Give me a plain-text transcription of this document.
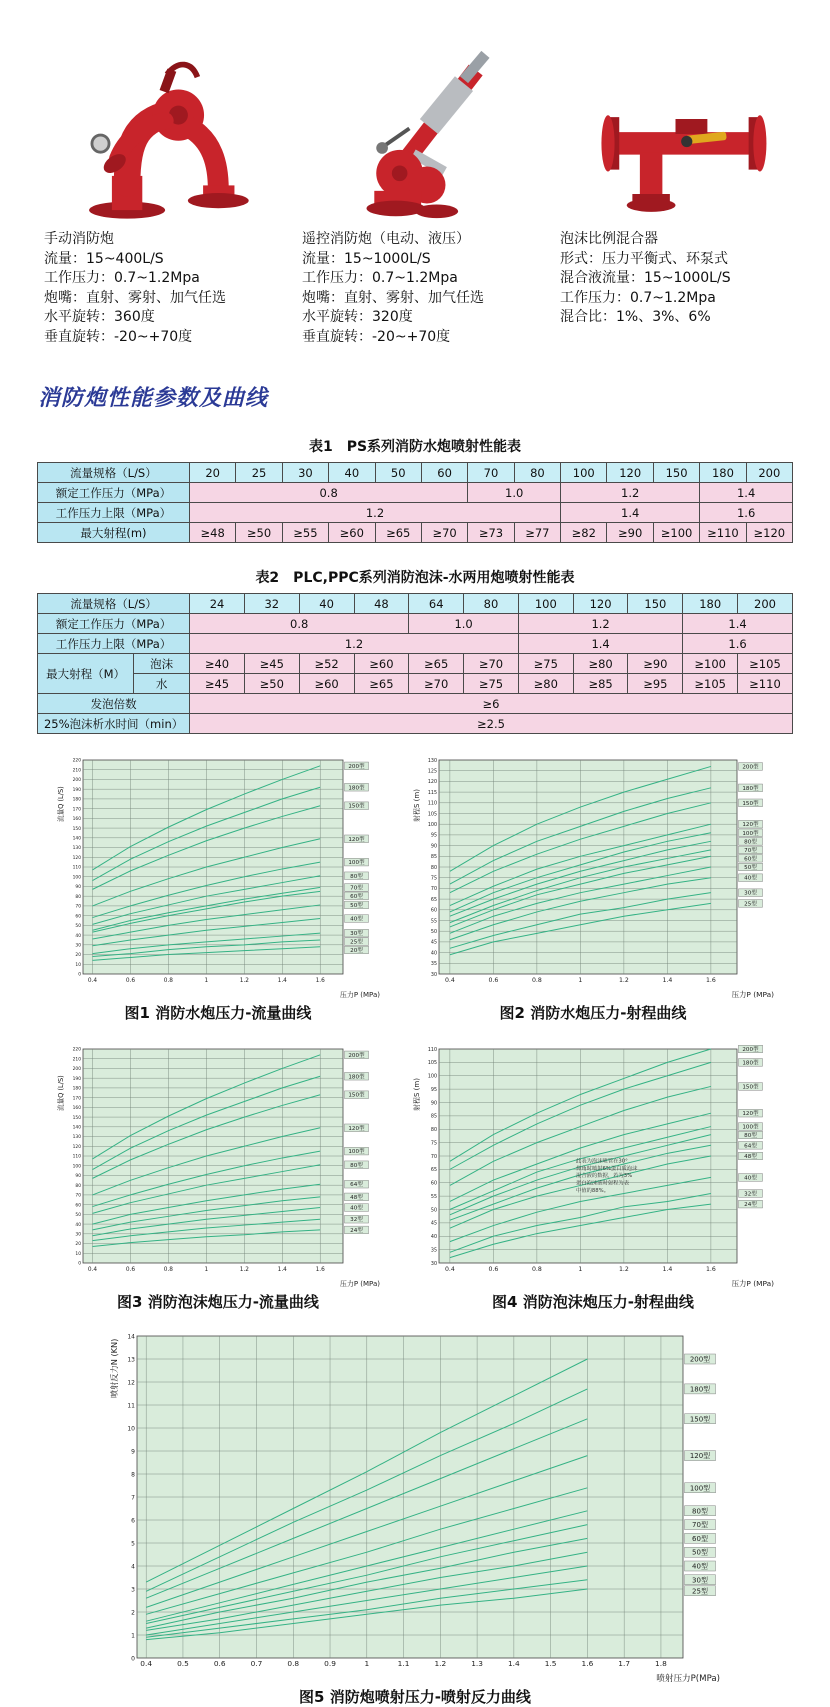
手动消防炮
流量：15~400L/S
工作压力：0.7~1.2Mpa
炮嘴：直射、雾射、加气任选
水平旋转：360度
垂直旋转：-20~+70度
遥控消防炮（电动、液压）
流量：15~1000L/S
工作压力：0.7~1.2Mpa
炮嘴：直射、雾射、加气任选
水平旋转：320度
垂直旋转：-20~+70度
泡沫比例混合器
形式：压力平衡式、环泵式
混合液流量：15~1000L/S
工作压力：0.7~1.2Mpa
混合比：1%、3%、6%
消防炮性能参数及曲线
表1　PS系列消防水炮喷射性能表
流量规格（L/S）	20	25	30	40	50	60	70	80	100	120	150	180	200
额定工作压力（MPa）	0.8						1.0		1.2			1.4	
工作压力上限（MPa）	1.2								1.4			1.6	
最大射程(m)	≥48	≥50	≥55	≥60	≥65	≥70	≥73	≥77	≥82	≥90	≥100	≥110	≥120
表2　PLC,PPC系列消防泡沫-水两用炮喷射性能表
流量规格（L/S）		24	32	40	48	64	80	100	120	150	180	200
额定工作压力（MPa）		0.8				1.0		1.2			1.4	
工作压力上限（MPa）		1.2						1.4			1.6	
最大射程（M）	泡沫	≥40	≥45	≥52	≥60	≥65	≥70	≥75	≥80	≥90	≥100	≥105
	水	≥45	≥50	≥60	≥65	≥70	≥75	≥80	≥85	≥95	≥105	≥110
发泡倍数		≥6										
25%泡沫析水时间（min）		≥2.5										
0
10
20
30
40
50
60
70
80
90
100
110
120
130
140
150
160
170
180
190
200
210
220
0.4	0.6	0.8	1	1.2	1.4	1.6
200型
180型
150型
120型
100型
80型
70型
60型
50型
40型
30型
25型
20型
压力P (MPa)
流量Q (L/S)
图1 消防水炮压力-流量曲线
30
35
40
45
50
55
60
65
70
75
80
85
90
95
100
105
110
115
120
125
130
0.4	0.6	0.8	1	1.2	1.4	1.6
200型
180型
150型
120型
100型
80型
70型
60型
50型
40型
30型
25型
压力P (MPa)
射程S (m)
图2 消防水炮压力-射程曲线
0
10
20
30
40
50
60
70
80
90
100
110
120
130
140
150
160
170
180
190
200
210
220
0.4	0.6	0.8	1	1.2	1.4	1.6
200型
180型
150型
120型
100型
80型
64型
48型
40型
32型
24型
压力P (MPa)
流量Q (L/S)
图3 消防泡沫炮压力-流量曲线
30
35
40
45
50
55
60
65
70
75
80
85
90
95
100
105
110
0.4	0.6	0.8	1	1.2	1.4	1.6
200型
180型
150型
120型
100型
80型
64型
48型
40型
32型
24型
压力P (MPa)
射程S (m)
此表为泡沫喷管在30°仰角时喷射6%蛋白质泡沫混合液的数据，若为3%蛋白泡沫液时射程为表中值的88%。
图4 消防泡沫炮压力-射程曲线
0
1
2
3
4
5
6
7
8
9
10
11
12
13
14
0.4	0.5	0.6	0.7	0.8	0.9	1	1.1	1.2	1.3	1.4	1.5	1.6	1.7	1.8
200型
180型
150型
120型
100型
80型
70型
60型
50型
40型
30型
25型
喷射压力P(MPa)
喷射反力N (KN)
图5 消防炮喷射压力-喷射反力曲线
